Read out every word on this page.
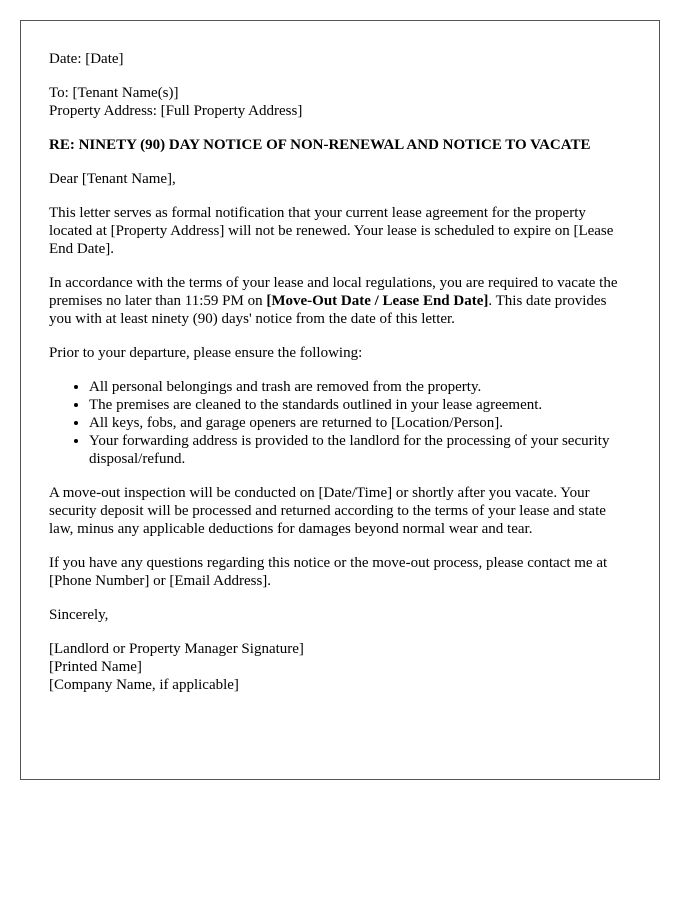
Date: [Date]

To: [Tenant Name(s)]
Property Address: [Full Property Address]

RE: NINETY (90) DAY NOTICE OF NON-RENEWAL AND NOTICE TO VACATE

Dear [Tenant Name],

This letter serves as formal notification that your current lease agreement for the property located at [Property Address] will not be renewed. Your lease is scheduled to expire on [Lease End Date].

In accordance with the terms of your lease and local regulations, you are required to vacate the premises no later than 11:59 PM on [Move-Out Date / Lease End Date]. This date provides you with at least ninety (90) days' notice from the date of this letter.

Prior to your departure, please ensure the following:

• All personal belongings and trash are removed from the property.
• The premises are cleaned to the standards outlined in your lease agreement.
• All keys, fobs, and garage openers are returned to [Location/Person].
• Your forwarding address is provided to the landlord for the processing of your security disposal/refund.

A move-out inspection will be conducted on [Date/Time] or shortly after you vacate. Your security deposit will be processed and returned according to the terms of your lease and state law, minus any applicable deductions for damages beyond normal wear and tear.

If you have any questions regarding this notice or the move-out process, please contact me at [Phone Number] or [Email Address].

Sincerely,

[Landlord or Property Manager Signature]
[Printed Name]
[Company Name, if applicable]
